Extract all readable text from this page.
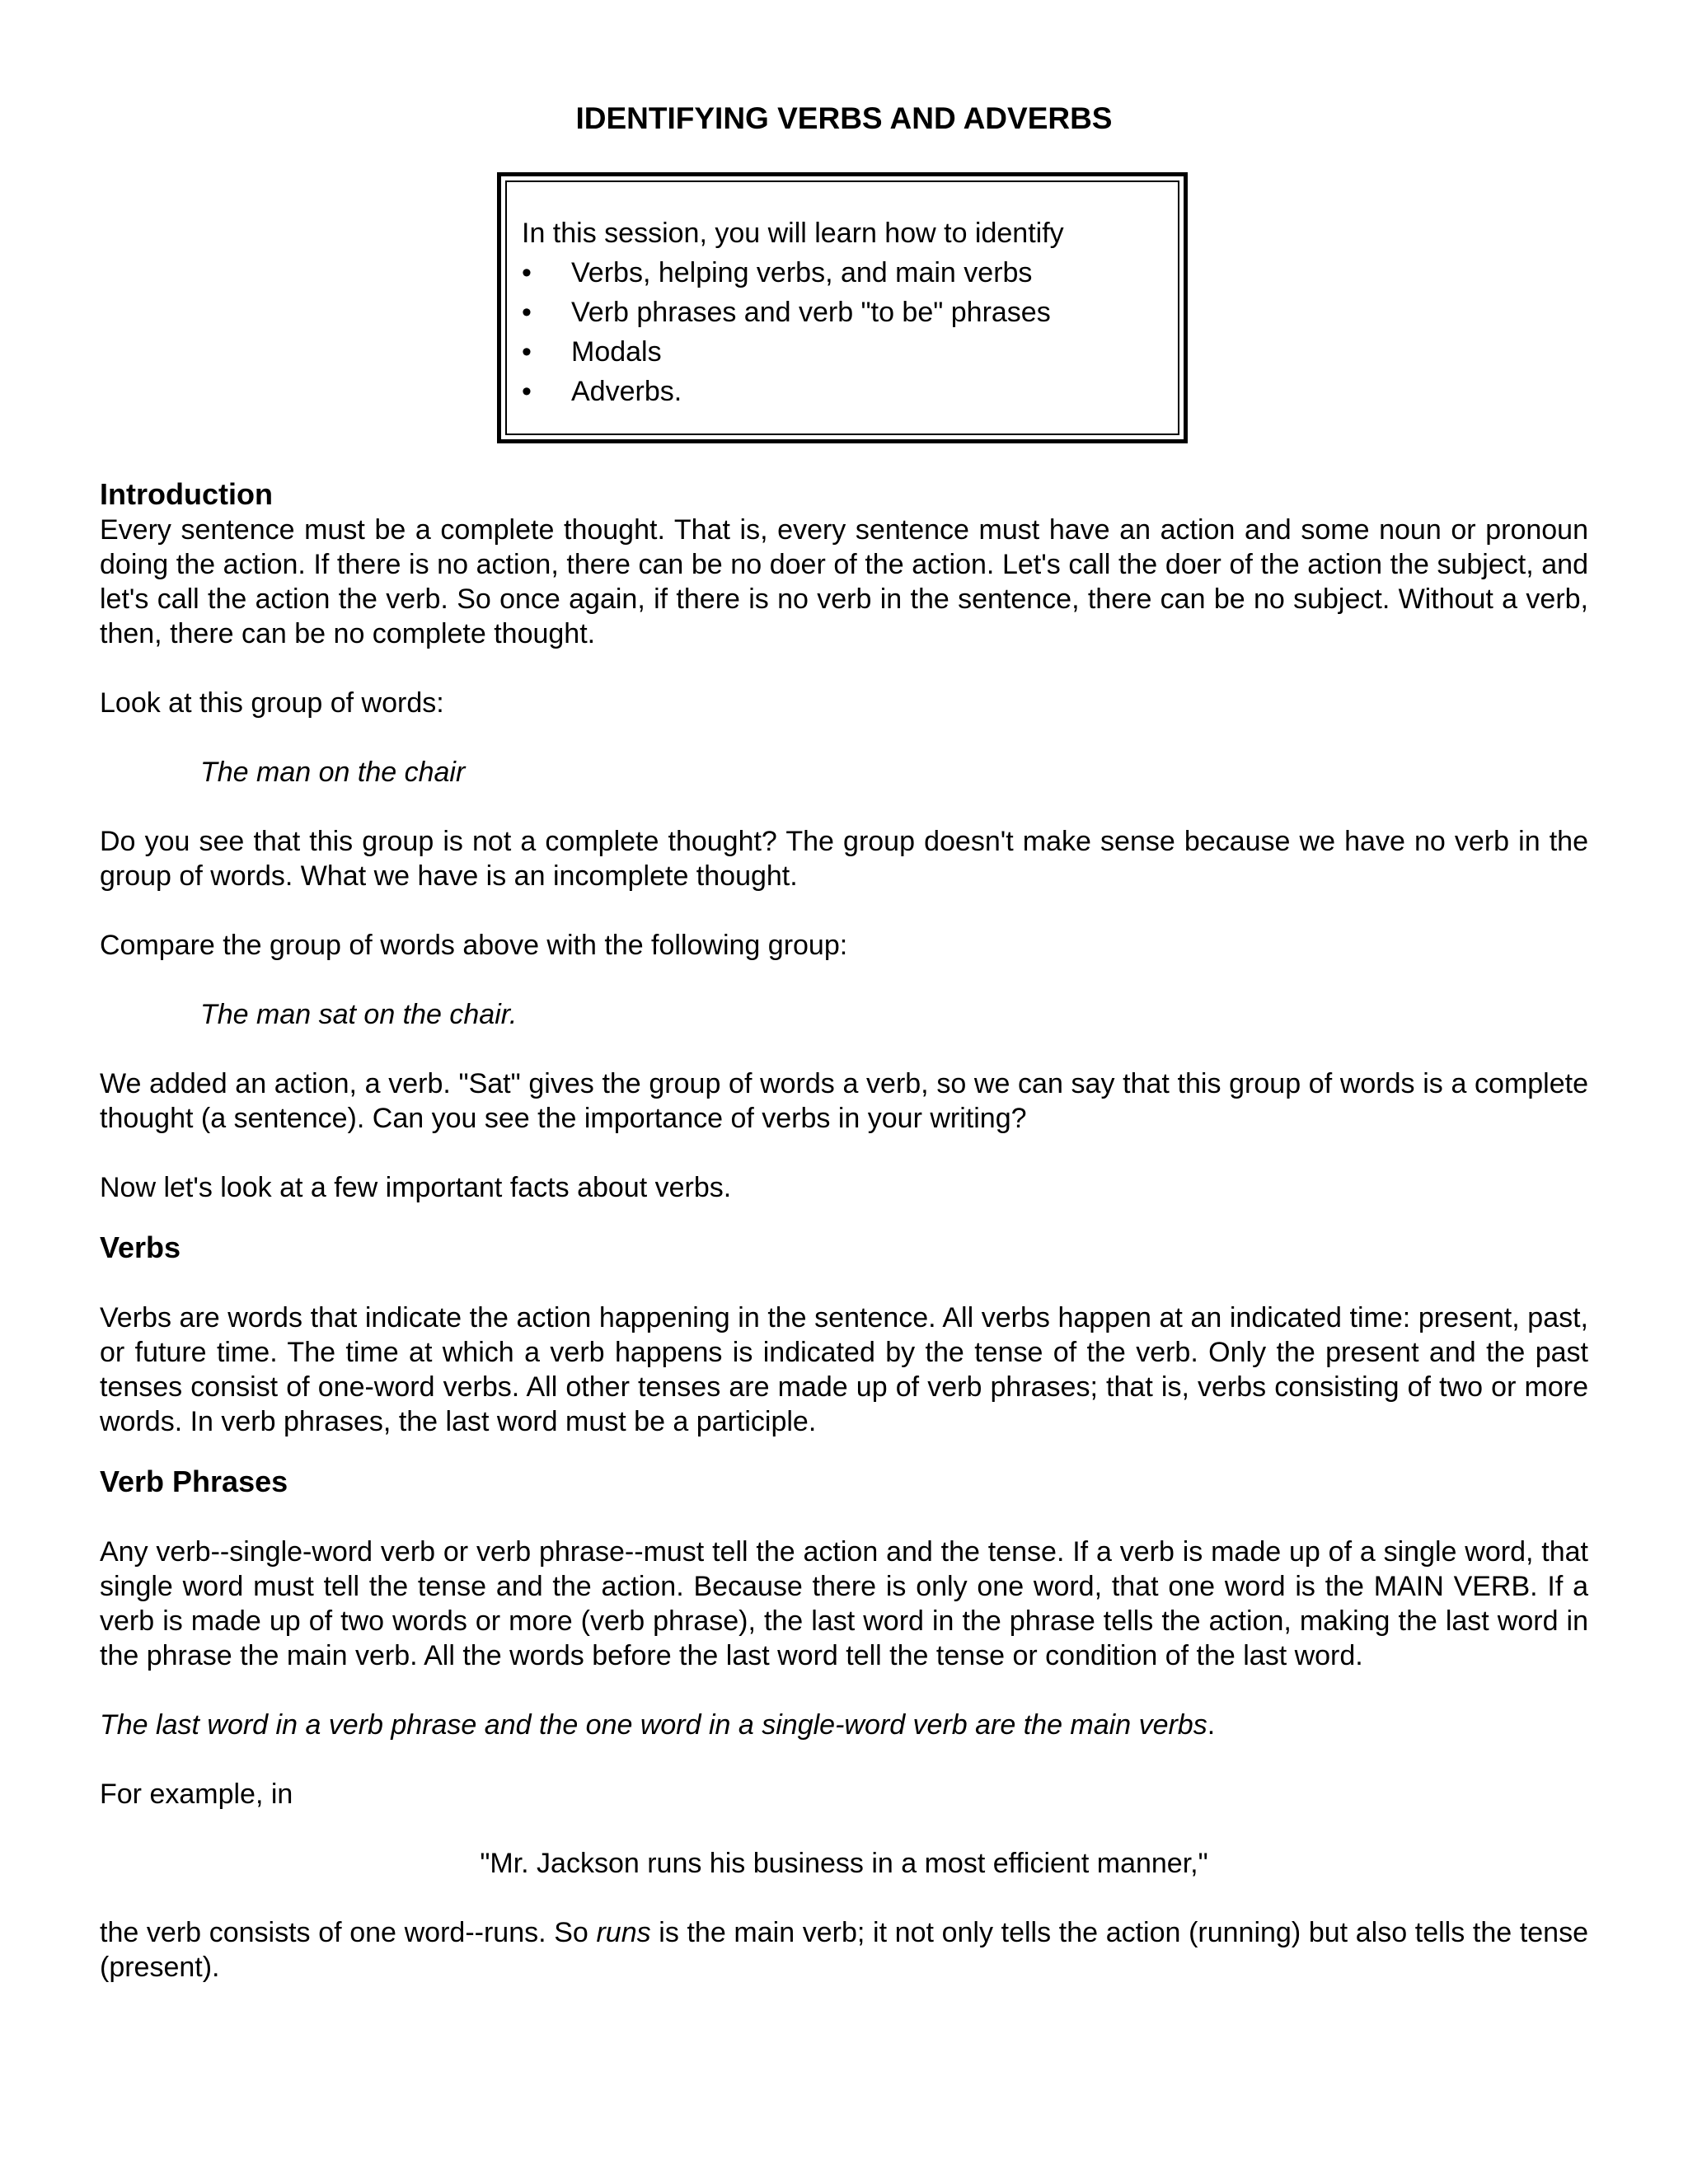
IDENTIFYING VERBS AND ADVERBS
In this session, you will learn how to identify
•	Verbs, helping verbs, and main verbs
•	Verb phrases and verb "to be" phrases
•	Modals
•	Adverbs.
Introduction

Every sentence must be a complete thought. That is, every sentence must have an action and some noun or pronoun doing the action. If there is no action, there can be no doer of the action. Let's call the doer of the action the subject, and let's call the action the verb. So once again, if there is no verb in the sentence, there can be no subject. Without a verb, then, there can be no complete thought.

Look at this group of words:

The man on the chair

Do you see that this group is not a complete thought? The group doesn't make sense because we have no verb in the group of words. What we have is an incomplete thought.

Compare the group of words above with the following group:

The man sat on the chair.

We added an action, a verb. "Sat" gives the group of words a verb, so we can say that this group of words is a complete thought (a sentence). Can you see the importance of verbs in your writing?

Now let's look at a few important facts about verbs.

Verbs

Verbs are words that indicate the action happening in the sentence. All verbs happen at an indicated time: present, past, or future time. The time at which a verb happens is indicated by the tense of the verb. Only the present and the past tenses consist of one-word verbs. All other tenses are made up of verb phrases; that is, verbs consisting of two or more words. In verb phrases, the last word must be a participle.

Verb Phrases

Any verb--single-word verb or verb phrase--must tell the action and the tense. If a verb is made up of a single word, that single word must tell the tense and the action. Because there is only one word, that one word is the MAIN VERB. If a verb is made up of two words or more (verb phrase), the last word in the phrase tells the action, making the last word in the phrase the main verb. All the words before the last word tell the tense or condition of the last word.

The last word in a verb phrase and the one word in a single-word verb are the main verbs.

For example, in

"Mr. Jackson runs his business in a most efficient manner,"

the verb consists of one word--runs. So runs is the main verb; it not only tells the action (running) but also tells the tense (present).
